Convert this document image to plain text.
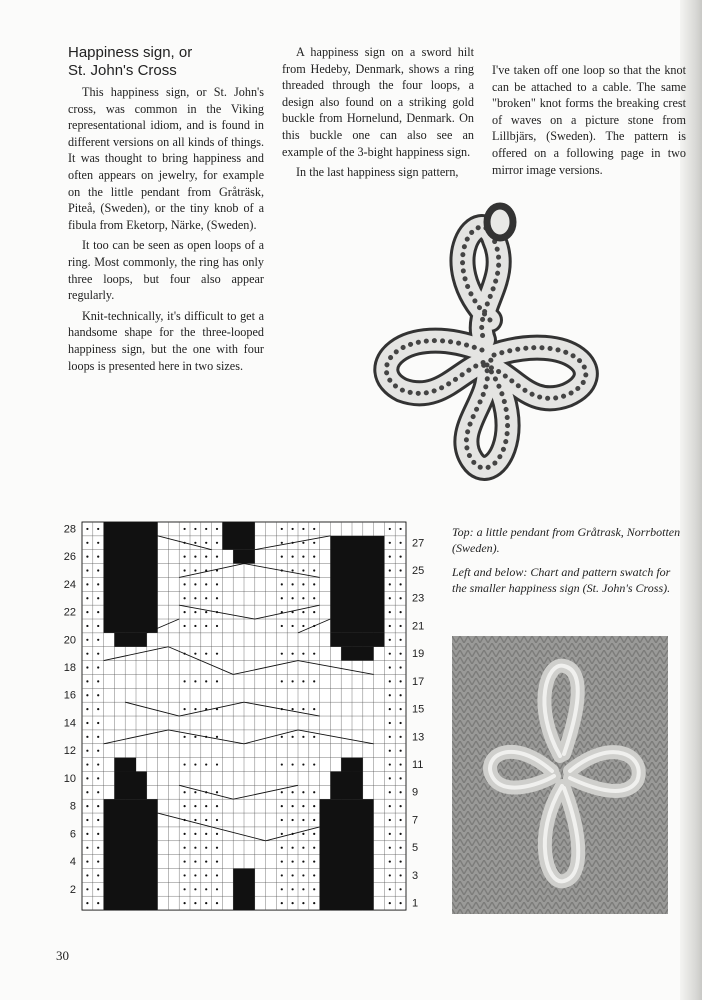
Happiness sign, or
St. John's Cross

This happiness sign, or St. John's cross, was common in the Viking representational idiom, and is found in different versions on all kinds of things. It was thought to bring happiness and often appears on jewelry, for example on the little pendant from Gråträsk, Piteå, (Sweden), or the tiny knob of a fibula from Eketorp, Närke, (Sweden).

It too can be seen as open loops of a ring. Most commonly, the ring has only three loops, but four also appear regularly.

Knit-technically, it's difficult to get a handsome shape for the three-looped happiness sign, but the one with four loops is presented here in two sizes.

A happiness sign on a sword hilt from Hedeby, Denmark, shows a ring threaded through the four loops, a design also found on a striking gold buckle from Hornelund, Denmark. On this buckle one can also see an example of the 3-bight happiness sign.

In the last happiness sign pattern,

I've taken off one loop so that the knot can be attached to a cable. The same "broken" knot forms the breaking crest of waves on a picture stone from Lillbjärs, (Sweden). The pattern is offered on a following page in two mirror image versions.

28
26
24
22
20
18
16
14
12
10
8
6
4
2
27
25
23
21
19
17
15
13
11
9
7
5
3
1

Top: a little pendant from Gråtrask, Norrbotten (Sweden).

Left and below: Chart and pattern swatch for the smaller happiness sign (St. John's Cross).

30
